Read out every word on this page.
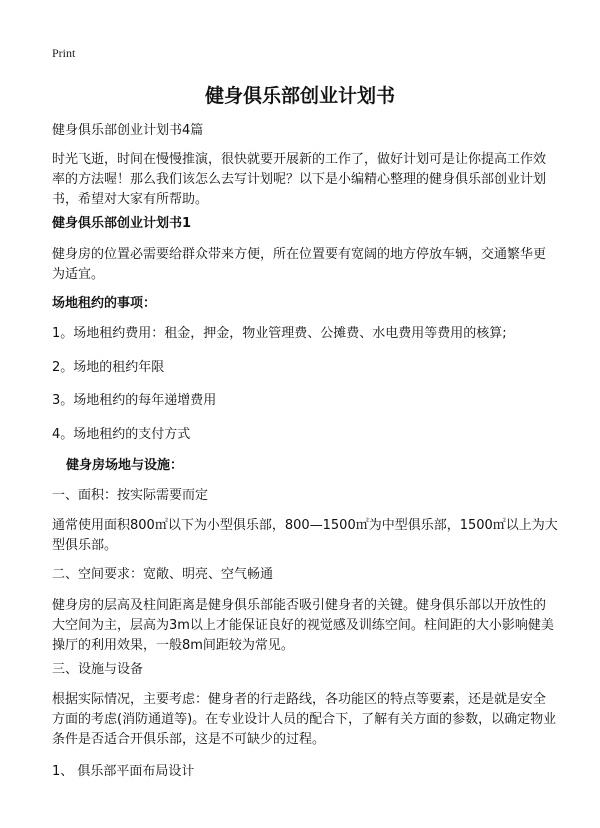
Print
健身俱乐部创业计划书
健身俱乐部创业计划书4篇
时光飞逝，时间在慢慢推演，很快就要开展新的工作了，做好计划可是让你提高工作效率的方法喔！那么我们该怎么去写计划呢？以下是小编精心整理的健身俱乐部创业计划书，希望对大家有所帮助。
健身俱乐部创业计划书1
健身房的位置必需要给群众带来方便，所在位置要有宽阔的地方停放车辆，交通繁华更为适宜。
场地租约的事项：
1。场地租约费用：租金，押金，物业管理费、公摊费、水电费用等费用的核算;
2。场地的租约年限
3。场地租约的每年递增费用
4。场地租约的支付方式
健身房场地与设施：
一、面积：按实际需要而定
通常使用面积800㎡以下为小型俱乐部，800—1500㎡为中型俱乐部，1500㎡以上为大型俱乐部。
二、空间要求：宽敞、明亮、空气畅通
健身房的层高及柱间距离是健身俱乐部能否吸引健身者的关键。健身俱乐部以开放性的大空间为主，层高为3m以上才能保证良好的视觉感及训练空间。柱间距的大小影响健美操厅的利用效果，一般8m间距较为常见。
三、设施与设备
根据实际情况，主要考虑：健身者的行走路线，各功能区的特点等要素，还是就是安全方面的考虑(消防通道等)。在专业设计人员的配合下，了解有关方面的参数，以确定物业条件是否适合开俱乐部，这是不可缺少的过程。
1、 俱乐部平面布局设计
